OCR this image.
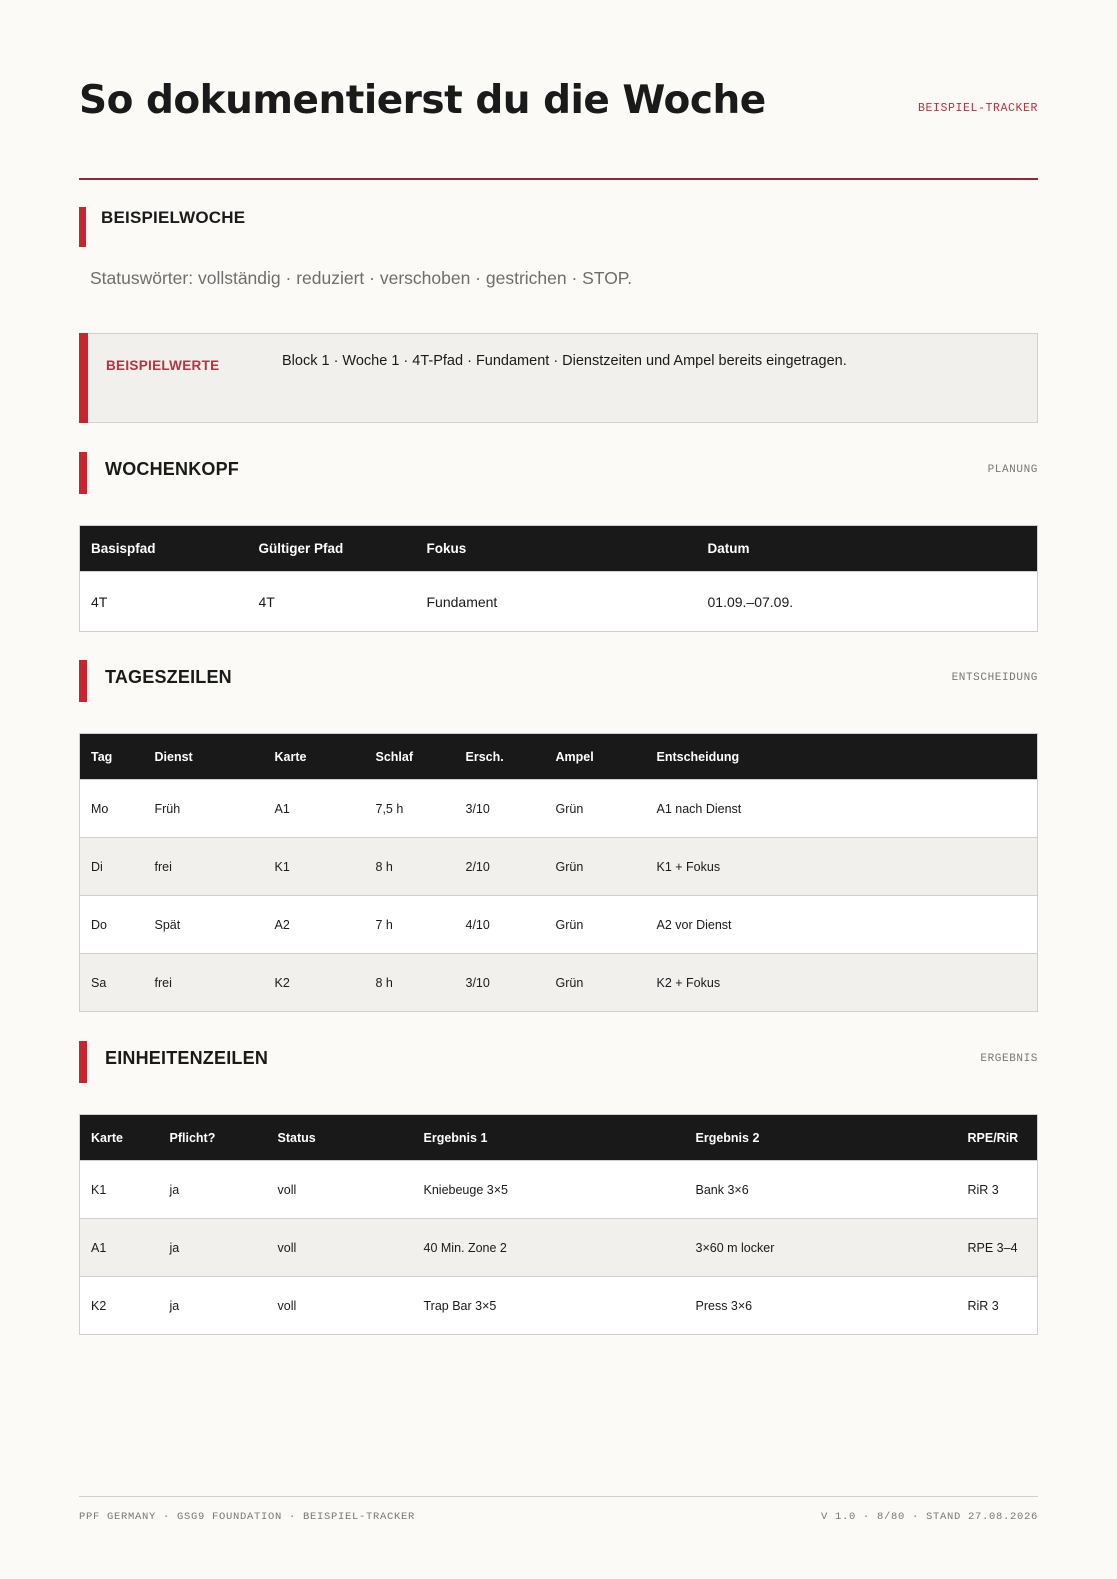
So dokumentierst du die Woche	BEISPIEL-TRACKER
BEISPIELWOCHE
Statuswörter: vollständig · reduziert · verschoben · gestrichen · STOP.
BEISPIELWERTE	Block 1 · Woche 1 · 4T-Pfad · Fundament · Dienstzeiten und Ampel bereits eingetragen.
WOCHENKOPF	PLANUNG
Basispfad	Gültiger Pfad	Fokus	Datum
4T	4T	Fundament	01.09.–07.09.
TAGESZEILEN	ENTSCHEIDUNG
Tag	Dienst	Karte	Schlaf	Ersch.	Ampel	Entscheidung
Mo	Früh	A1	7,5 h	3/10	Grün	A1 nach Dienst
Di	frei	K1	8 h	2/10	Grün	K1 + Fokus
Do	Spät	A2	7 h	4/10	Grün	A2 vor Dienst
Sa	frei	K2	8 h	3/10	Grün	K2 + Fokus
EINHEITENZEILEN	ERGEBNIS
Karte	Pflicht?	Status	Ergebnis 1	Ergebnis 2	RPE/RiR
K1	ja	voll	Kniebeuge 3×5	Bank 3×6	RiR 3
A1	ja	voll	40 Min. Zone 2	3×60 m locker	RPE 3–4
K2	ja	voll	Trap Bar 3×5	Press 3×6	RiR 3
PPF GERMANY · GSG9 FOUNDATION · BEISPIEL-TRACKER	V 1.0 · 8/80 · STAND 27.08.2026
